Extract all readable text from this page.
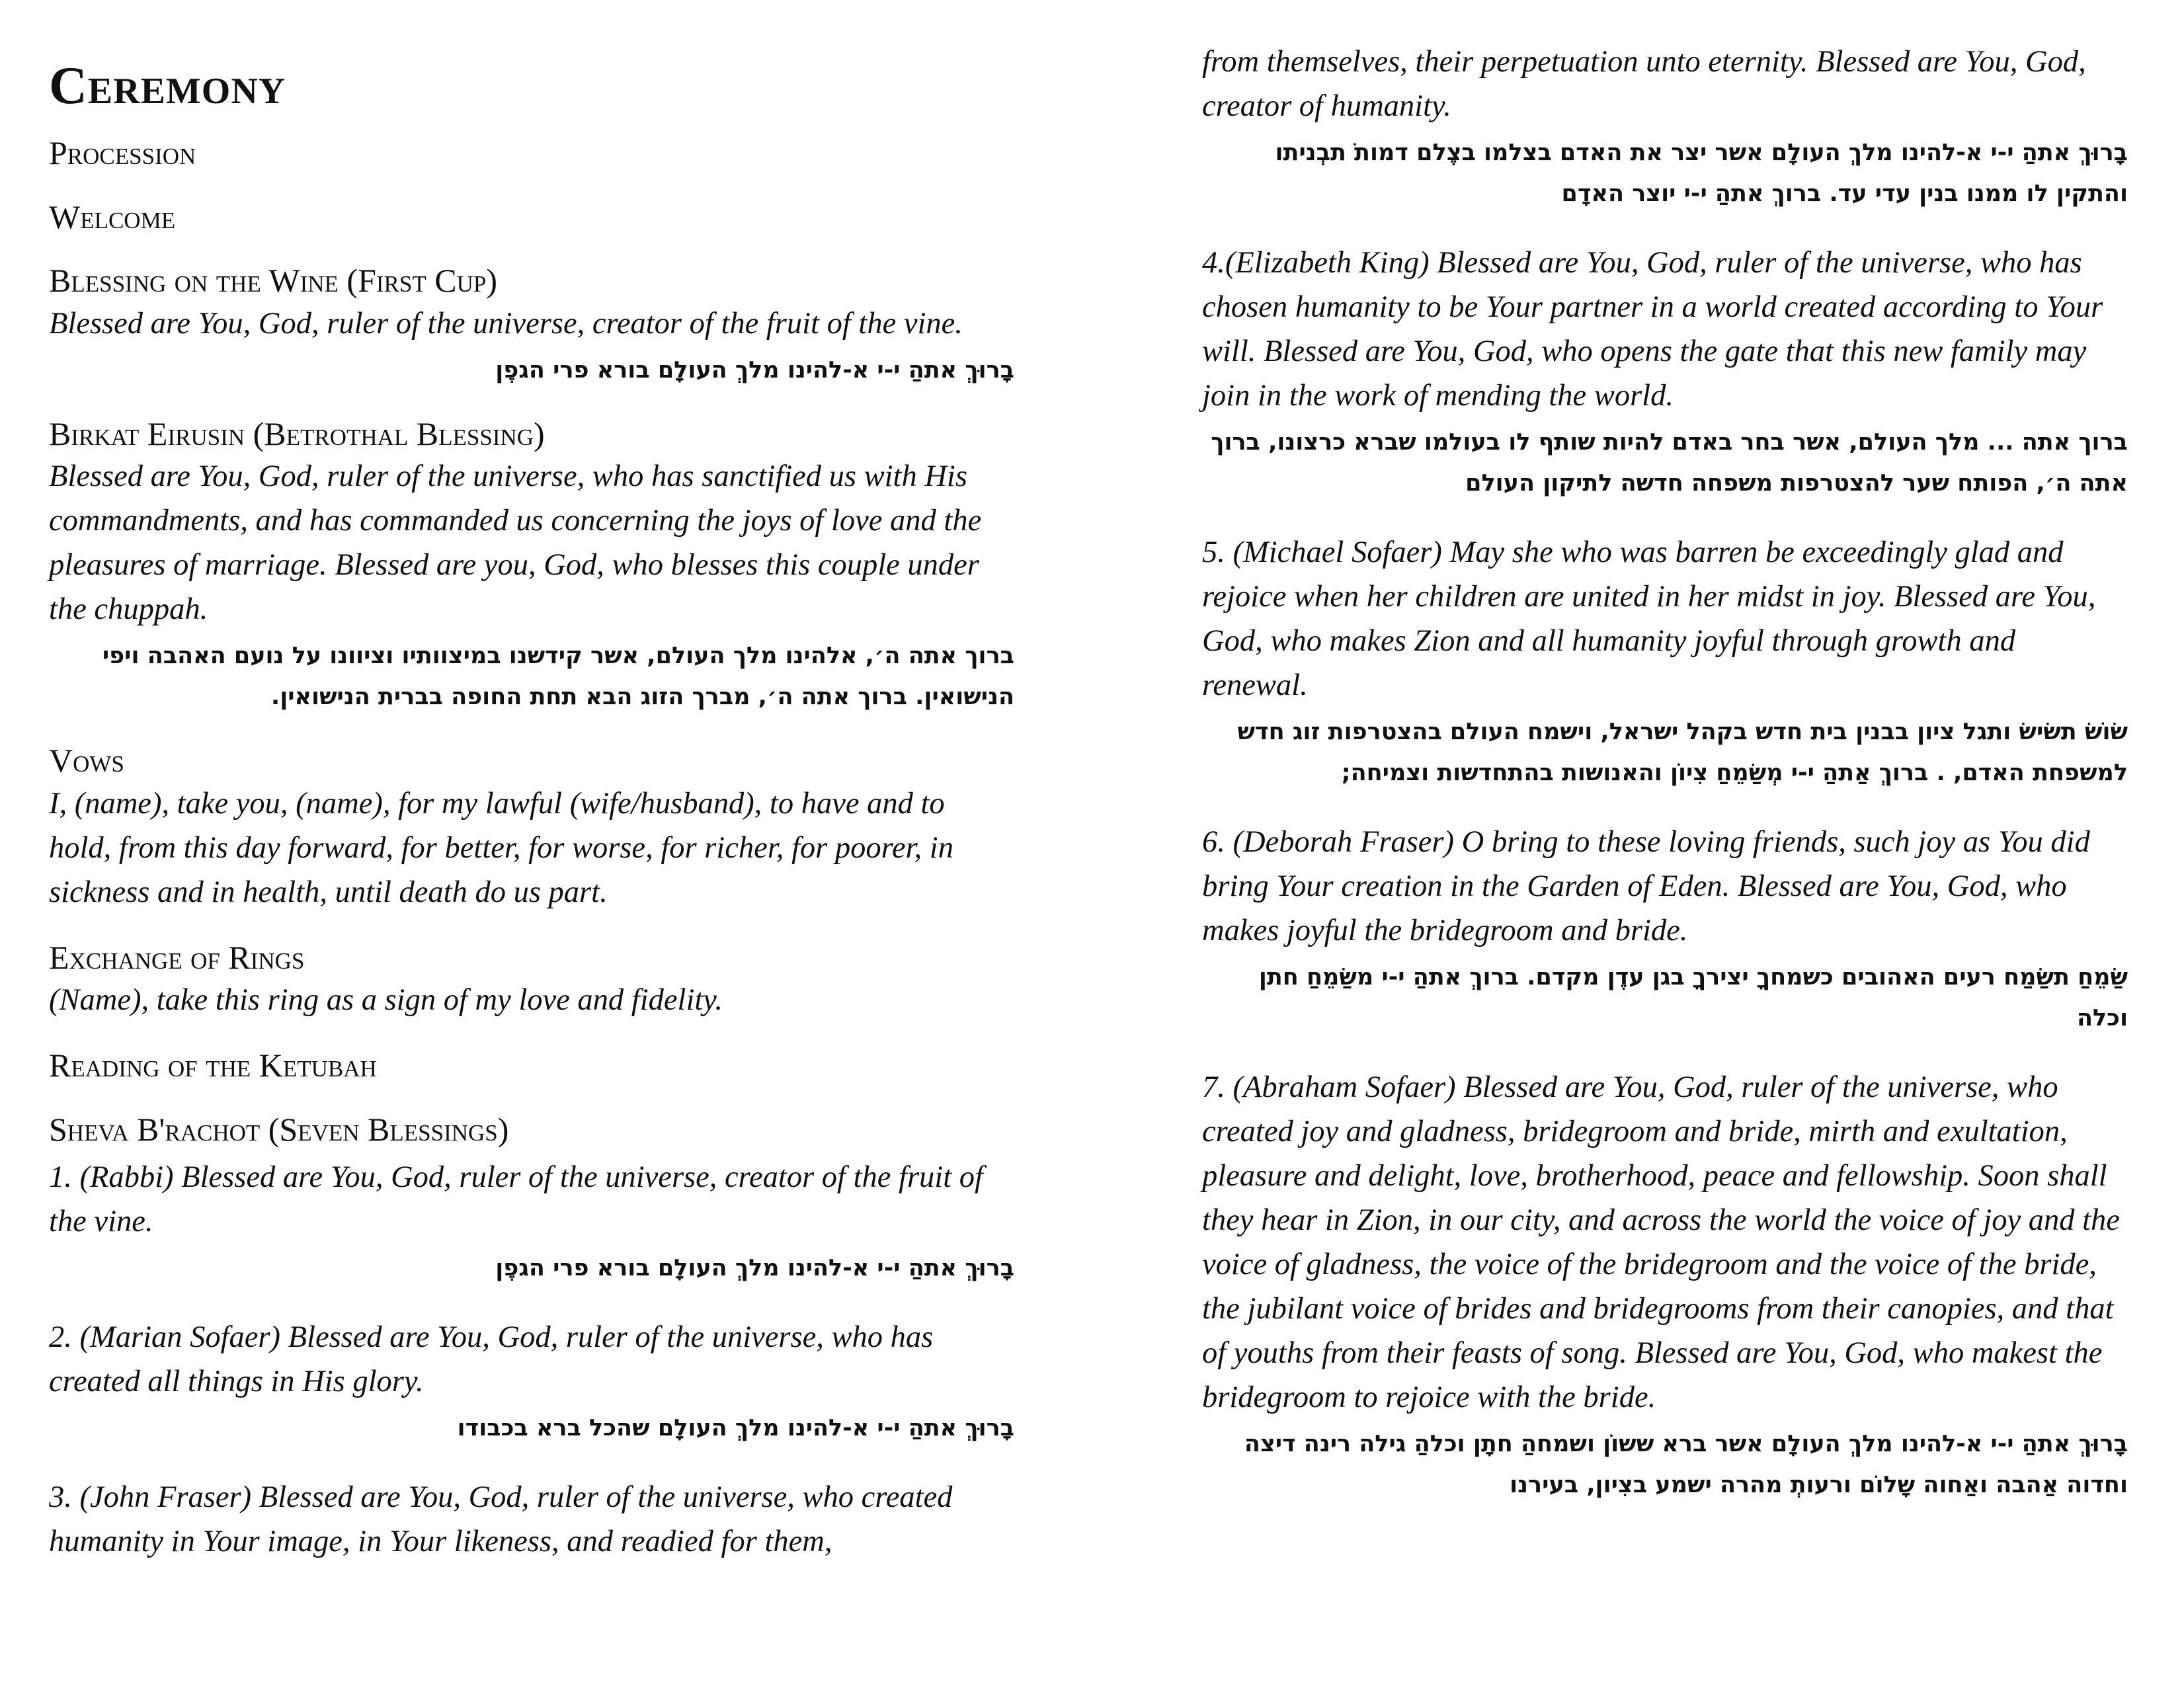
Ceremony
Procession
Welcome
Blessing on the Wine (First Cup)

Blessed are You, God, ruler of the universe, creator of the fruit of the vine.

בָרוּךְ אתהַ י-י א-להינו מלךְ העולָם בורא פרי הגפֶן

Birkat Eirusin (Betrothal Blessing)

Blessed are You, God, ruler of the universe, who has sanctified us with His commandments, and has commanded us concerning the joys of love and the pleasures of marriage. Blessed are you, God, who blesses this couple under the chuppah.

ברוך אתה ה׳, אלהינו מלך העולם, אשר קידשנו במיצוותיו וציוונו על נועם האהבה ויפי הנישואין. ברוך אתה ה׳, מברך הזוג הבא תחת החופה בברית הנישואין.

Vows

I, (name), take you, (name), for my lawful (wife/husband), to have and to hold, from this day forward, for better, for worse, for richer, for poorer, in sickness and in health, until death do us part.

Exchange of Rings

(Name), take this ring as a sign of my love and fidelity.

Reading of the Ketubah
Sheva B'rachot (Seven Blessings)

1. (Rabbi) Blessed are You, God, ruler of the universe, creator of the fruit of the vine.

בָרוּךְ אתהַ י-י א-להינו מלךְ העולָם בורא פרי הגפֶן

2. (Marian Sofaer) Blessed are You, God, ruler of the universe, who has created all things in His glory.

בָרוּךְ אתהַ י-י א-להינו מלךְ העולָם שהכל ברא בכבודו

3. (John Fraser) Blessed are You, God, ruler of the universe, who created humanity in Your image, in Your likeness, and readied for them,

from themselves, their perpetuation unto eternity. Blessed are You, God, creator of humanity.

בָרוּךְ אתהַ י-י א-להינו מלךְ העולָם אשר יצר את האדם בצלמו בצֶלם דמותֹ תבְניתו והתקין לו ממנו בנין עדי עד. ברוךְ אתהַ י-י יוצר האדָם

4.(Elizabeth King) Blessed are You, God, ruler of the universe, who has chosen humanity to be Your partner in a world created according to Your will. Blessed are You, God, who opens the gate that this new family may join in the work of mending the world.

ברוך אתה ... מלך העולם, אשר בחר באדם להיות שותף לו בעולמו שברא כרצונו, ברוך אתה ה׳, הפותח שער להצטרפות משפחה חדשה לתיקון העולם

5. (Michael Sofaer) May she who was barren be exceedingly glad and rejoice when her children are united in her midst in joy. Blessed are You, God, who makes Zion and all humanity joyful through growth and renewal.

שׂוֹשׂ תשׂישׂ ותגל ציון בבנין בית חדש בקהל ישראל, וישמח העולם בהצטרפות זוג חדש למשפחת האדם, . ברוךְ אַתהַ י-י מְשַׂמֵחַ צִיוֹן והאנושות בהתחדשות וצמיחה;

6. (Deborah Fraser) O bring to these loving friends, such joy as You did bring Your creation in the Garden of Eden. Blessed are You, God, who makes joyful the bridegroom and bride.

שַׂמֵחַ תשַׂמַח רעים האהובים כשמחךָ יצירךָ בגן עדֶן מקדם. ברוךְ אתהַ י-י משַׂמֵחַ חתן וכלה

7. (Abraham Sofaer) Blessed are You, God, ruler of the universe, who created joy and gladness, bridegroom and bride, mirth and exultation, pleasure and delight, love, brotherhood, peace and fellowship. Soon shall they hear in Zion, in our city, and across the world the voice of joy and the voice of gladness, the voice of the bridegroom and the voice of the bride, the jubilant voice of brides and bridegrooms from their canopies, and that of youths from their feasts of song. Blessed are You, God, who makest the bridegroom to rejoice with the bride.

בָרוּךְ אתהַ י-י א-להינו מלךְ העולָם אשר ברא ששוֹן ושמחהַ חתָן וכלהַ גילה רינה דיצה וחדוה אַהבה ואַחוה שָלוֹם ורעותְ מהרה ישמע בצִיון, בעירנו
